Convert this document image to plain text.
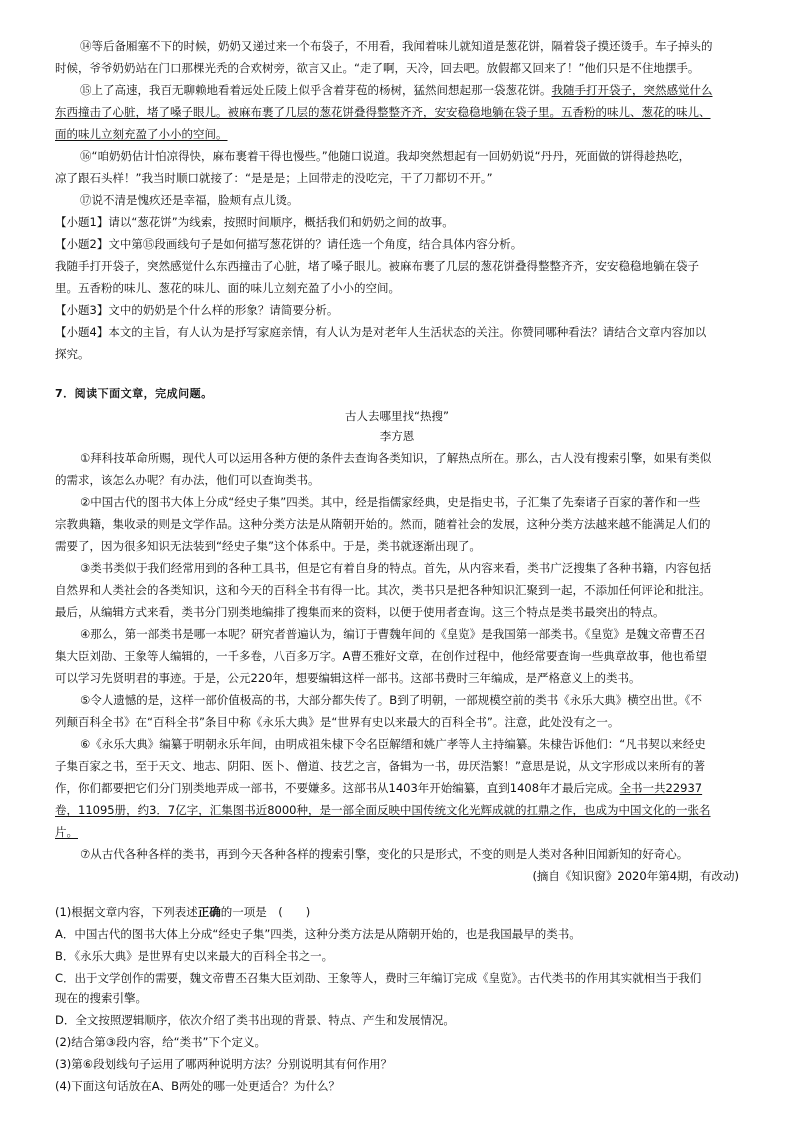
⑭等后备厢塞不下的时候，奶奶又递过来一个布袋子，不用看，我闻着味儿就知道是葱花饼，隔着袋子摸还烫手。车子掉头的
时候，爷爷奶奶站在门口那棵光秃的合欢树旁，欲言又止。“走了啊，天冷，回去吧。放假都又回来了！”他们只是不住地摆手。
⑮上了高速，我百无聊赖地看着远处丘陵上似乎含着芽苞的杨树，猛然间想起那一袋葱花饼。我随手打开袋子，突然感觉什么
东西撞击了心脏，堵了嗓子眼儿。被麻布裹了几层的葱花饼叠得整整齐齐，安安稳稳地躺在袋子里。五香粉的味儿、葱花的味儿、
面的味儿立刻充盈了小小的空间。
⑯“咱奶奶估计怕凉得快，麻布裹着干得也慢些。”他随口说道。我却突然想起有一回奶奶说“丹丹，死面做的饼得趁热吃，
凉了跟石头样！”我当时顺口就接了：“是是是；上回带走的没吃完，干了刀都切不开。”
⑰说不清是愧疚还是幸福，脸颊有点儿烫。
【小题1】请以“葱花饼”为线索，按照时间顺序，概括我们和奶奶之间的故事。
【小题2】文中第⑮段画线句子是如何描写葱花饼的？请任选一个角度，结合具体内容分析。
我随手打开袋子，突然感觉什么东西撞击了心脏，堵了嗓子眼儿。被麻布裹了几层的葱花饼叠得整整齐齐，安安稳稳地躺在袋子
里。五香粉的味儿、葱花的味儿、面的味儿立刻充盈了小小的空间。
【小题3】文中的奶奶是个什么样的形象？请简要分析。
【小题4】本文的主旨，有人认为是抒写家庭亲情，有人认为是对老年人生活状态的关注。你赞同哪种看法？请结合文章内容加以
探究。
7．阅读下面文章，完成问题。
古人去哪里找“热搜”
李方恩
①拜科技革命所赐，现代人可以运用各种方便的条件去查询各类知识，了解热点所在。那么，古人没有搜索引擎，如果有类似
的需求，该怎么办呢？有办法，他们可以查询类书。
②中国古代的图书大体上分成“经史子集”四类。其中，经是指儒家经典，史是指史书，子汇集了先秦诸子百家的著作和一些
宗教典籍，集收录的则是文学作品。这种分类方法是从隋朝开始的。然而，随着社会的发展，这种分类方法越来越不能满足人们的
需要了，因为很多知识无法装到“经史子集”这个体系中。于是，类书就逐渐出现了。
③类书类似于我们经常用到的各种工具书，但是它有着自身的特点。首先，从内容来看，类书广泛搜集了各种书籍，内容包括
自然界和人类社会的各类知识，这和今天的百科全书有得一比。其次，类书只是把各种知识汇聚到一起，不添加任何评论和批注。
最后，从编辑方式来看，类书分门别类地编排了搜集而来的资料，以便于使用者查询。这三个特点是类书最突出的特点。
④那么，第一部类书是哪一本呢？研究者普遍认为，编订于曹魏年间的《皇览》是我国第一部类书。《皇览》是魏文帝曹丕召
集大臣刘劭、王象等人编辑的，一千多卷，八百多万字。A曹丕雅好文章，在创作过程中，他经常要查询一些典章故事，他也希望
可以学习先贤明君的事迹。于是，公元220年，想要编辑这样一部书。这部书费时三年编成，是严格意义上的类书。
⑤令人遗憾的是，这样一部价值极高的书，大部分都失传了。B到了明朝，一部规模空前的类书《永乐大典》横空出世。《不
列颠百科全书》在“百科全书”条目中称《永乐大典》是“世界有史以来最大的百科全书”。注意，此处没有之一。
⑥《永乐大典》编纂于明朝永乐年间，由明成祖朱棣下令名臣解缙和姚广孝等人主持编纂。朱棣告诉他们：“凡书契以来经史
子集百家之书，至于天文、地志、阴阳、医卜、僧道、技艺之言，备辑为一书，毋厌浩繁！”意思是说，从文字形成以来所有的著
作，你们都要把它们分门别类地弄成一部书，不要嫌多。这部书从1403年开始编纂，直到1408年才最后完成。全书一共22937
卷，11095册，约3．7亿字，汇集图书近8000种，是一部全面反映中国传统文化光辉成就的扛鼎之作，也成为中国文化的一张名
片。
⑦从古代各种各样的类书，再到今天各种各样的搜索引擎，变化的只是形式，不变的则是人类对各种旧闻新知的好奇心。
(摘自《知识窗》2020年第4期，有改动)
(1)根据文章内容，下列表述正确的一项是　(　　)
A．中国古代的图书大体上分成“经史子集”四类，这种分类方法是从隋朝开始的，也是我国最早的类书。
B．《永乐大典》是世界有史以来最大的百科全书之一。
C．出于文学创作的需要，魏文帝曹丕召集大臣刘劭、王象等人，费时三年编订完成《皇览》。古代类书的作用其实就相当于我们
现在的搜索引擎。
D．全文按照逻辑顺序，依次介绍了类书出现的背景、特点、产生和发展情况。
(2)结合第③段内容，给“类书”下个定义。
(3)第⑥段划线句子运用了哪两种说明方法？分别说明其有何作用？
(4)下面这句话放在A、B两处的哪一处更适合？为什么？
